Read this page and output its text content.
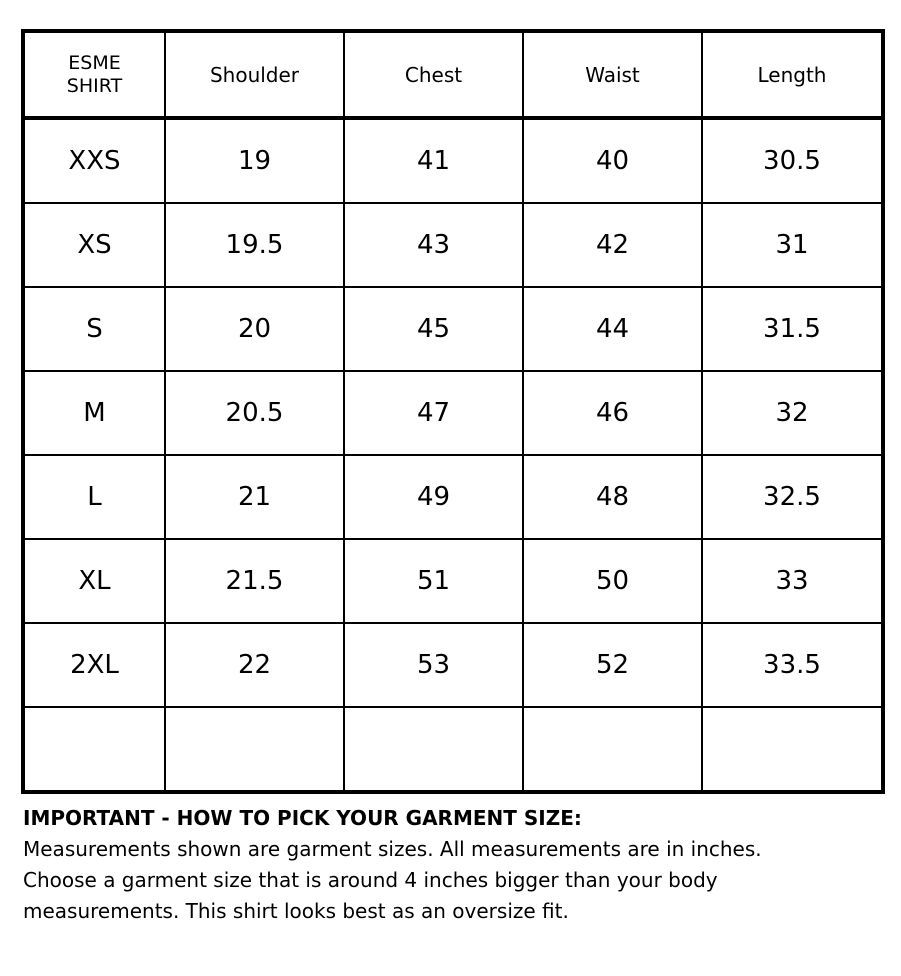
ESME
SHIRT	Shoulder	Chest	Waist	Length
XXS	19	41	40	30.5
XS	19.5	43	42	31
S	20	45	44	31.5
M	20.5	47	46	32
L	21	49	48	32.5
XL	21.5	51	50	33
2XL	22	53	52	33.5

IMPORTANT - HOW TO PICK YOUR GARMENT SIZE:

Measurements shown are garment sizes. All measurements are in inches.

Choose a garment size that is around 4 inches bigger than your body

measurements. This shirt looks best as an oversize fit.
